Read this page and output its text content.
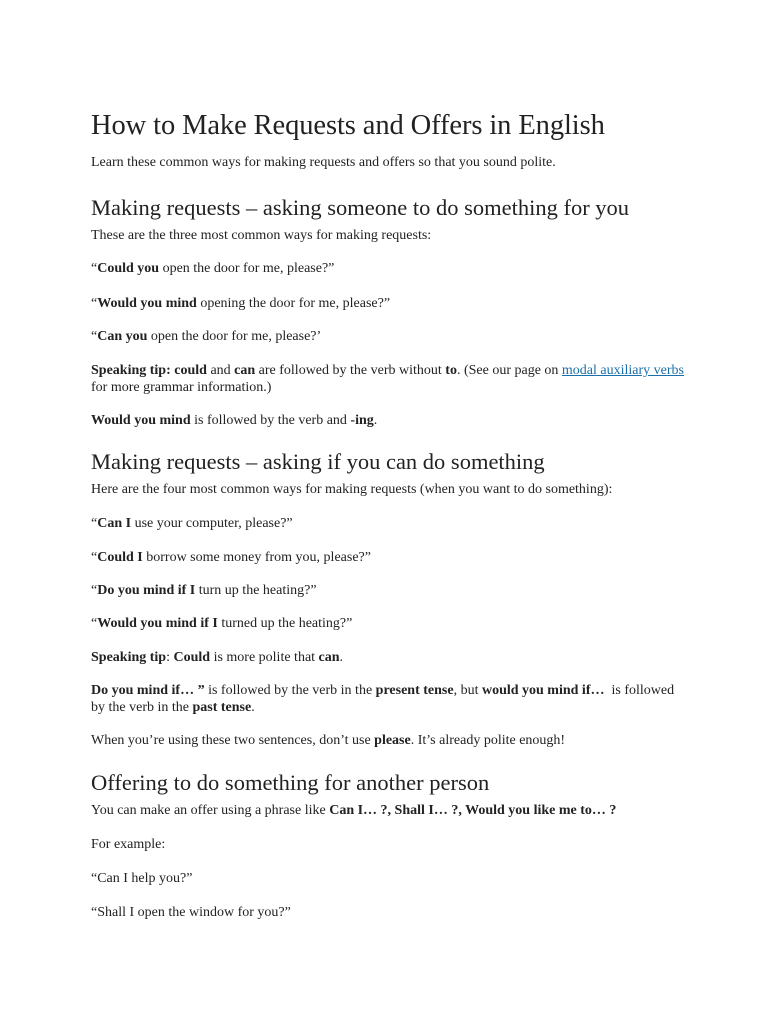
How to Make Requests and Offers in English

Learn these common ways for making requests and offers so that you sound polite.

Making requests – asking someone to do something for you

These are the three most common ways for making requests:

“Could you open the door for me, please?”

“Would you mind opening the door for me, please?”

“Can you open the door for me, please?’

Speaking tip: could and can are followed by the verb without to. (See our page on modal auxiliary verbs for more grammar information.)

Would you mind is followed by the verb and -ing.

Making requests – asking if you can do something

Here are the four most common ways for making requests (when you want to do something):

“Can I use your computer, please?”

“Could I borrow some money from you, please?”

“Do you mind if I turn up the heating?”

“Would you mind if I turned up the heating?”

Speaking tip: Could is more polite that can.

Do you mind if… ” is followed by the verb in the present tense, but would you mind if…  is followed by the verb in the past tense.

When you’re using these two sentences, don’t use please. It’s already polite enough!

Offering to do something for another person

You can make an offer using a phrase like Can I… ?, Shall I… ?, Would you like me to… ?

For example:

“Can I help you?”

“Shall I open the window for you?”
